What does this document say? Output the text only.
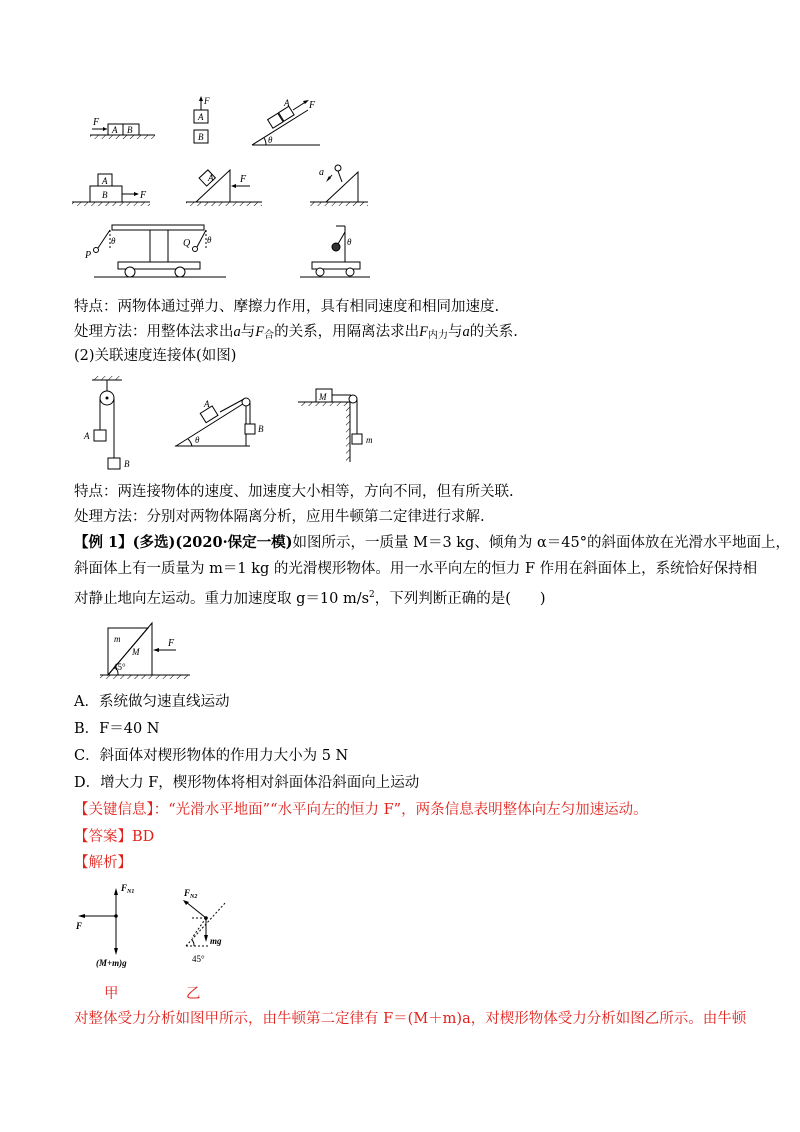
F
A B
F
A
B
A F
θ
A
B	F
A	F
a
P
θ	Q θ	θ
特点：两物体通过弹力、摩擦力作用，具有相同速度和相同加速度.
处理方法：用整体法求出a与$F_合$的关系，用隔离法求出$F_{内力}$与a的关系.
(2)关联速度连接体(如图)
A
B
A
θ
B
M
m
特点：两连接物体的速度、加速度大小相等，方向不同，但有所关联.
处理方法：分别对两物体隔离分析，应用牛顿第二定律进行求解.
【例 1】(多选)(2020·保定一模)如图所示，一质量 M＝3 kg、倾角为 α＝45°的斜面体放在光滑水平地面上，
斜面体上有一质量为 m＝1 kg 的光滑楔形物体。用一水平向左的恒力 F 作用在斜面体上，系统恰好保持相
对静止地向左运动。重力加速度取 g＝10 $m/s^2$，下列判断正确的是(　　)
m
M
45°
F
A．系统做匀速直线运动
B．F＝40 N
C．斜面体对楔形物体的作用力大小为 5 N
D．增大力 F，楔形物体将相对斜面体沿斜面向上运动
【关键信息】：“光滑水平地面”“水平向左的恒力 F”，两条信息表明整体向左匀加速运动。
【答案】BD
【解析】
$F_{N1}$
F
(M+m)g
$F_{N2}$
mg
45°
甲	乙
对整体受力分析如图甲所示，由牛顿第二定律有 F＝(M＋m)a，对楔形物体受力分析如图乙所示。由牛顿
